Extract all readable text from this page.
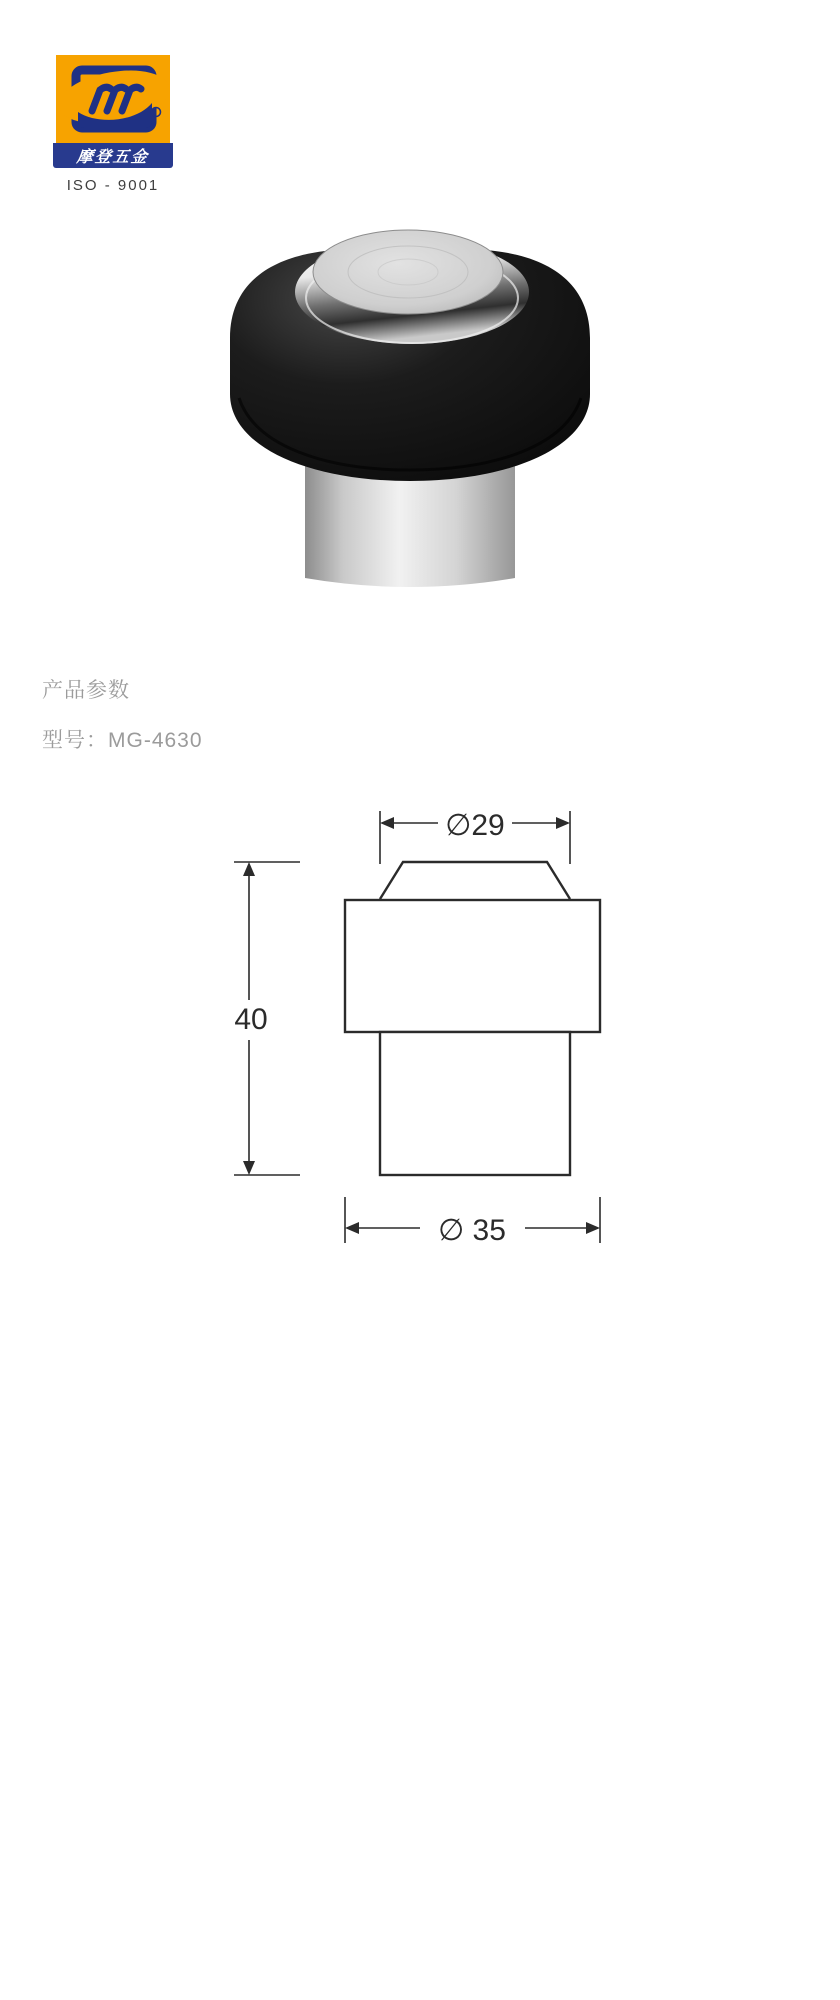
摩登五金
ISO - 9001
产品参数
型号：MG-4630
∅29
40
∅ 35
